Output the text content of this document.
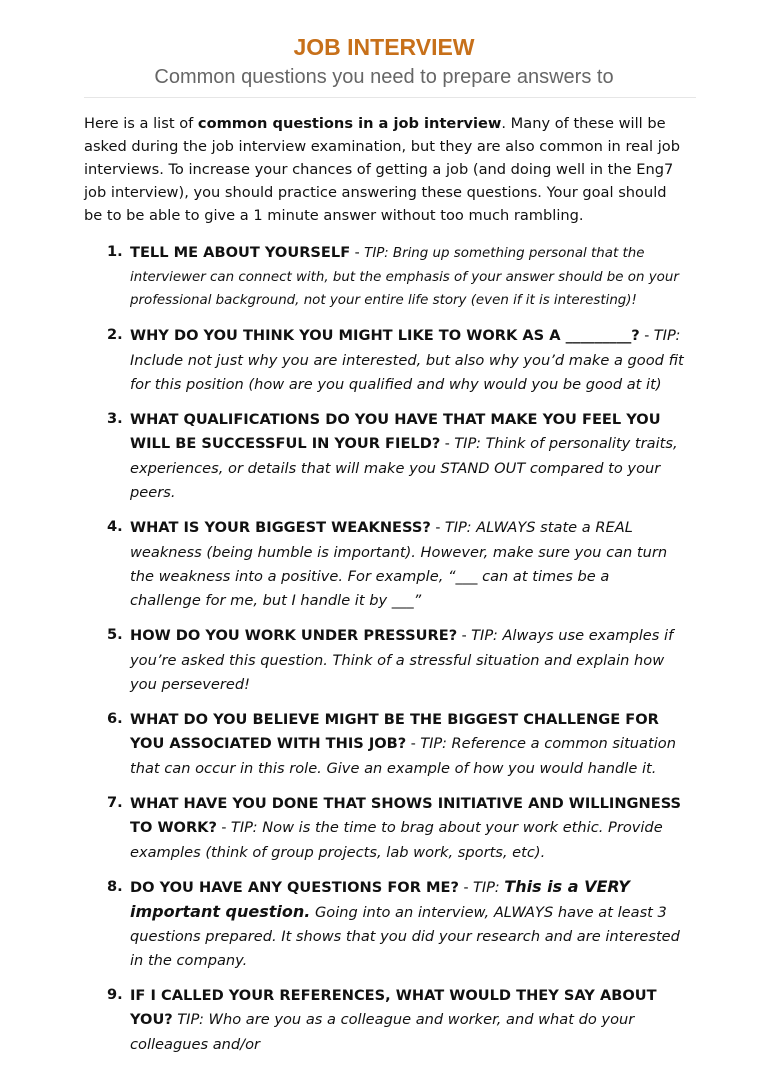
JOB INTERVIEW
Common questions you need to prepare answers to
Here is a list of common questions in a job interview. Many of these will be asked during the job interview examination, but they are also common in real job interviews. To increase your chances of getting a job (and doing well in the Eng7 job interview), you should practice answering these questions. Your goal should be to be able to give a 1 minute answer without too much rambling.
1. TELL ME ABOUT YOURSELF - TIP: Bring up something personal that the interviewer can connect with, but the emphasis of your answer should be on your professional background, not your entire life story (even if it is interesting)!
2. WHY DO YOU THINK YOU MIGHT LIKE TO WORK AS A _________? - TIP: Include not just why you are interested, but also why you’d make a good fit for this position (how are you qualified and why would you be good at it)
3. WHAT QUALIFICATIONS DO YOU HAVE THAT MAKE YOU FEEL YOU WILL BE SUCCESSFUL IN YOUR FIELD? - TIP: Think of personality traits, experiences, or details that will make you STAND OUT compared to your peers.
4. WHAT IS YOUR BIGGEST WEAKNESS? - TIP: ALWAYS state a REAL weakness (being humble is important). However, make sure you can turn the weakness into a positive. For example, “___ can at times be a challenge for me, but I handle it by ___”
5. HOW DO YOU WORK UNDER PRESSURE? - TIP: Always use examples if you’re asked this question. Think of a stressful situation and explain how you persevered!
6. WHAT DO YOU BELIEVE MIGHT BE THE BIGGEST CHALLENGE FOR YOU ASSOCIATED WITH THIS JOB? - TIP: Reference a common situation that can occur in this role. Give an example of how you would handle it.
7. WHAT HAVE YOU DONE THAT SHOWS INITIATIVE AND WILLINGNESS TO WORK? - TIP: Now is the time to brag about your work ethic. Provide examples (think of group projects, lab work, sports, etc).
8. DO YOU HAVE ANY QUESTIONS FOR ME? - TIP: This is a VERY important question. Going into an interview, ALWAYS have at least 3 questions prepared. It shows that you did your research and are interested in the company.
9. IF I CALLED YOUR REFERENCES, WHAT WOULD THEY SAY ABOUT YOU? TIP: Who are you as a colleague and worker, and what do your colleagues and/or
